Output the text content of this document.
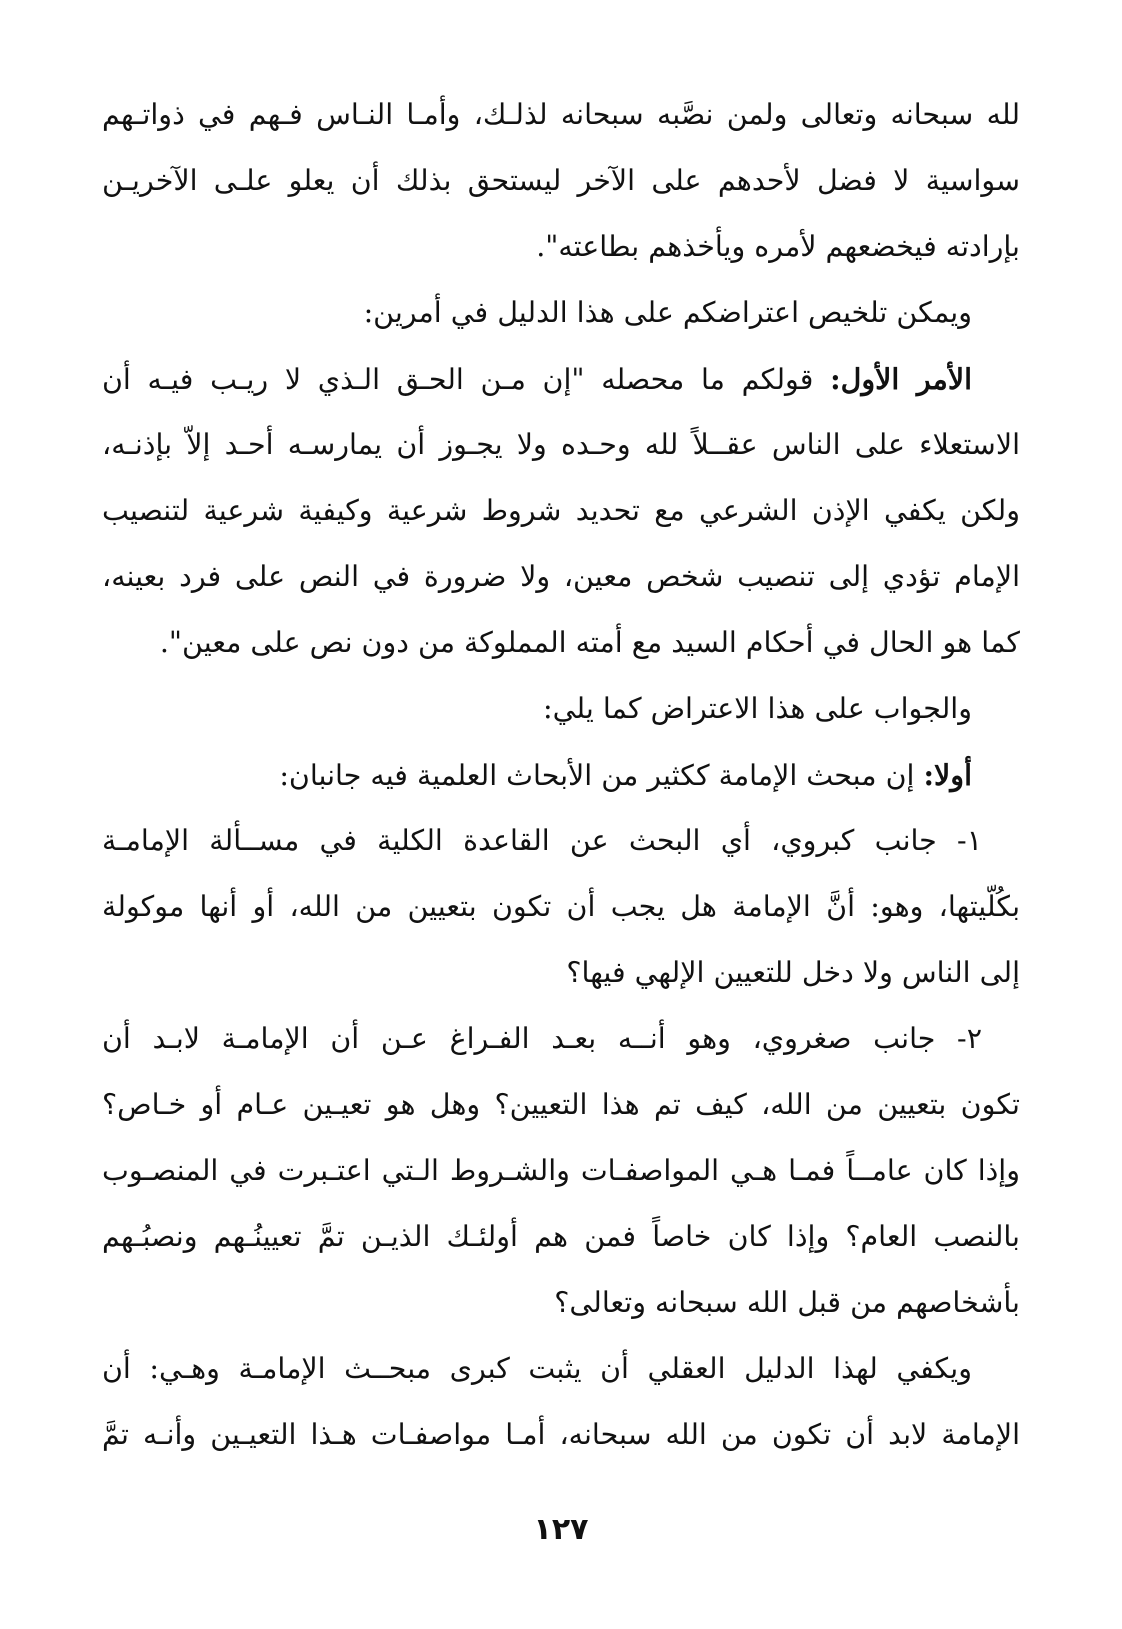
لله سبحانه وتعالى ولمن نصَّبه سبحانه لذلـك، وأمـا النـاس فـهم في ذواتـهم
سواسية لا فضل لأحدهم على الآخر ليستحق بذلك أن يعلو علـى الآخريـن
بإرادته فيخضعهم لأمره ويأخذهم بطاعته".
ويمكن تلخيص اعتراضكم على هذا الدليل في أمرين:
الأمر الأول: قولكم ما محصله "إن مـن الحـق الـذي لا ريـب فيـه أن
الاستعلاء على الناس عقــلاً لله وحـده ولا يجـوز أن يمارسـه أحـد إلاّ بإذنـه،
ولكن يكفي الإذن الشرعي مع تحديد شروط شرعية وكيفية شرعية لتنصيب
الإمام تؤدي إلى تنصيب شخص معين، ولا ضرورة في النص على فرد بعينه،
كما هو الحال في أحكام السيد مع أمته المملوكة من دون نص على معين".
والجواب على هذا الاعتراض كما يلي:
أولا: إن مبحث الإمامة ككثير من الأبحاث العلمية فيه جانبان:
١- جانب كبروي، أي البحث عن القاعدة الكلية في مســألة الإمامـة
بكُلّيتها، وهو: أنَّ الإمامة هل يجب أن تكون بتعيين من الله، أو أنها موكولة
إلى الناس ولا دخل للتعيين الإلهي فيها؟
٢- جانب صغروي، وهو أنــه بعـد الفـراغ عـن أن الإمامـة لابـد أن
تكون بتعيين من الله، كيف تم هذا التعيين؟ وهل هو تعيـين عـام أو خـاص؟
وإذا كان عامــاً فمـا هـي المواصفـات والشـروط الـتي اعتـبرت في المنصـوب
بالنصب العام؟ وإذا كان خاصاً فمن هم أولئـك الذيـن تمَّ تعيينُـهم ونصبُـهم
بأشخاصهم من قبل الله سبحانه وتعالى؟
ويكفي لهذا الدليل العقلي أن يثبت كبرى مبحــث الإمامـة وهـي: أن
الإمامة لابد أن تكون من الله سبحانه، أمـا مواصفـات هـذا التعيـين وأنـه تمَّ
١٢٧
